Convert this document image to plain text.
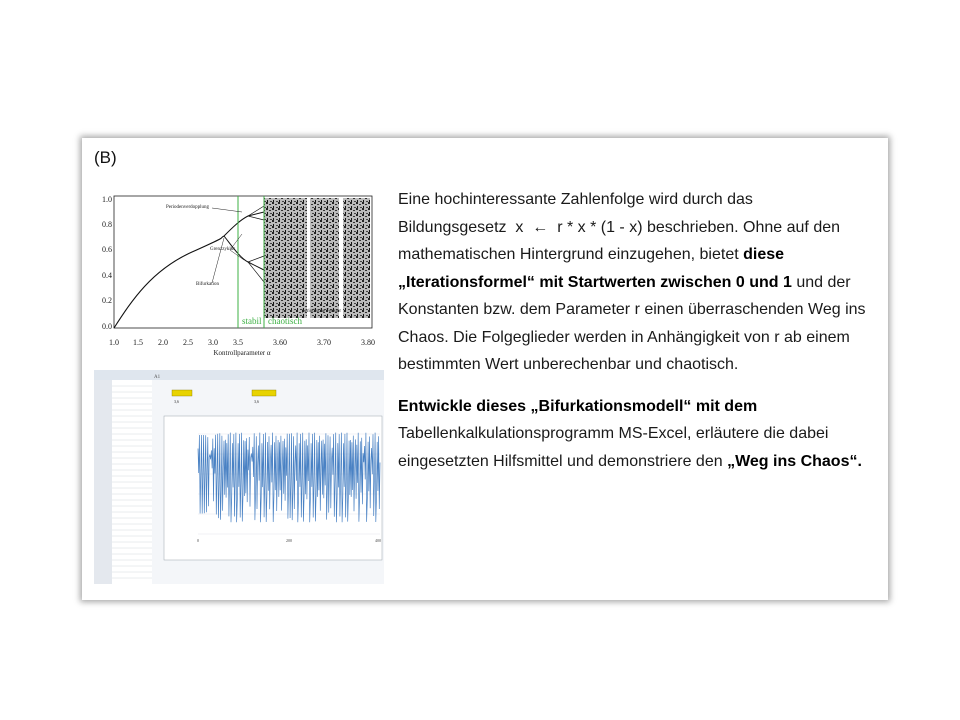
(B)
1.0
0.8
0.6
0.4
0.2
0.0
1.0 1.5 2.0 2.5 3.0 3.5	3.60	3.70	3.80
Kontrollparameter α
stabil chaotisch
Periodenverdopplung
Grenzzyklus
Bifurkation
periodische Fenster
A1
3,6	3,6
0	200	400

Eine hochinteressante Zahlenfolge wird durch das Bildungsgesetz x ← r * x * (1 - x) beschrieben. Ohne auf den mathematischen Hintergrund einzugehen, bietet diese „Iterationsformel“ mit Startwerten zwischen 0 und 1 und der Konstanten bzw. dem Parameter r einen überraschenden Weg ins Chaos. Die Folgeglieder werden in Anhängigkeit von r ab einem bestimmten Wert unberechenbar und chaotisch.

Entwickle dieses „Bifurkationsmodell“ mit dem Tabellenkalkulationsprogramm MS-Excel, erläutere die dabei eingesetzten Hilfsmittel und demonstriere den „Weg ins Chaos“.
